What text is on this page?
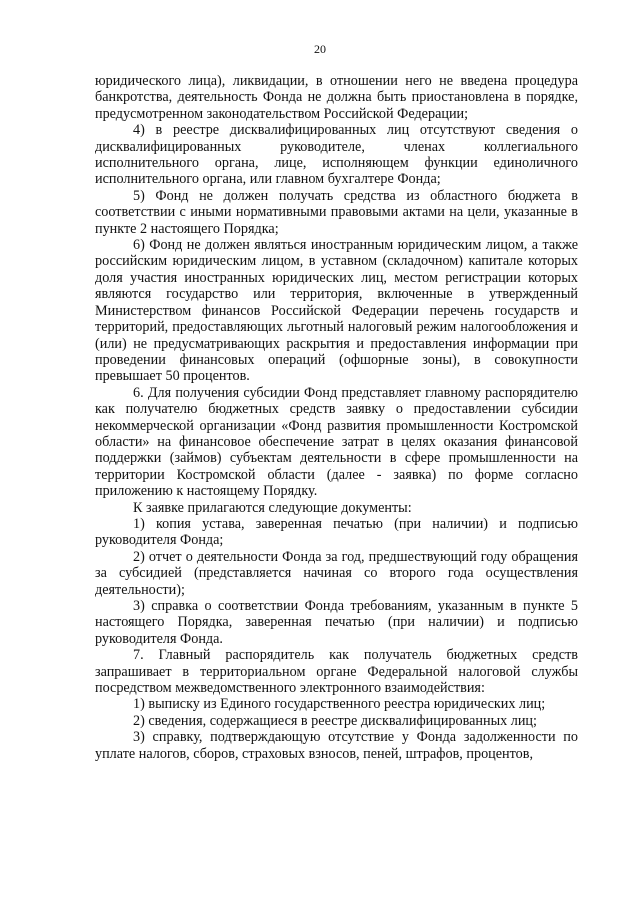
20

юридического лица), ликвидации, в отношении него не введена процедура банкротства, деятельность Фонда не должна быть приостановлена в порядке, предусмотренном законодательством Российской Федерации;

4) в реестре дисквалифицированных лиц отсутствуют сведения о дисквалифицированных руководителе, членах коллегиального исполнительного органа, лице, исполняющем функции единоличного исполнительного органа, или главном бухгалтере Фонда;

5) Фонд не должен получать средства из областного бюджета в соответствии с иными нормативными правовыми актами на цели, указанные в пункте 2 настоящего Порядка;

6) Фонд не должен являться иностранным юридическим лицом, а также российским юридическим лицом, в уставном (складочном) капитале которых доля участия иностранных юридических лиц, местом регистрации которых являются государство или территория, включенные в утвержденный Министерством финансов Российской Федерации перечень государств и территорий, предоставляющих льготный налоговый режим налогообложения и (или) не предусматривающих раскрытия и предоставления информации при проведении финансовых операций (офшорные зоны), в совокупности превышает 50 процентов.

6. Для получения субсидии Фонд представляет главному распорядителю как получателю бюджетных средств заявку о предоставлении субсидии некоммерческой организации «Фонд развития промышленности Костромской области» на финансовое обеспечение затрат в целях оказания финансовой поддержки (займов) субъектам деятельности в сфере промышленности на территории Костромской области (далее - заявка) по форме согласно приложению к настоящему Порядку.

К заявке прилагаются следующие документы:

1) копия устава, заверенная печатью (при наличии) и подписью руководителя Фонда;

2) отчет о деятельности Фонда за год, предшествующий году обращения за субсидией (представляется начиная со второго года осуществления деятельности);

3) справка о соответствии Фонда требованиям, указанным в пункте 5 настоящего Порядка, заверенная печатью (при наличии) и подписью руководителя Фонда.

7. Главный распорядитель как получатель бюджетных средств запрашивает в территориальном органе Федеральной налоговой службы посредством межведомственного электронного взаимодействия:

1) выписку из Единого государственного реестра юридических лиц;

2) сведения, содержащиеся в реестре дисквалифицированных лиц;

3) справку, подтверждающую отсутствие у Фонда задолженности по уплате налогов, сборов, страховых взносов, пеней, штрафов, процентов,
